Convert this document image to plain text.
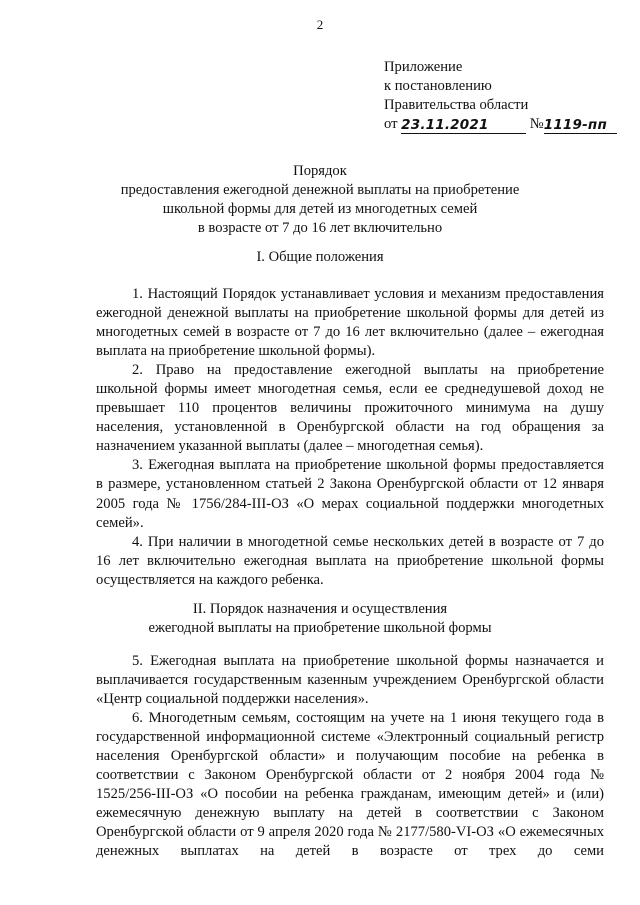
2
Приложение
к постановлению
Правительства области
от 23.11.2021	№1119-пп
Порядок
предоставления ежегодной денежной выплаты на приобретение
школьной формы для детей из многодетных семей
в возрасте от 7 до 16 лет включительно
I. Общие положения

1. Настоящий Порядок устанавливает условия и механизм предоставления ежегодной денежной выплаты на приобретение школьной формы для детей из многодетных семей в возрасте от 7 до 16 лет включительно (далее – ежегодная выплата на приобретение школьной формы).

2. Право на предоставление ежегодной выплаты на приобретение школьной формы имеет многодетная семья, если ее среднедушевой доход не превышает 110 процентов величины прожиточного минимума на душу населения, установленной в Оренбургской области на год обращения за назначением указанной выплаты (далее – многодетная семья).

3. Ежегодная выплата на приобретение школьной формы предоставляется в размере, установленном статьей 2 Закона Оренбургской области от 12 января 2005 года № 1756/284-III-ОЗ «О мерах социальной поддержки многодетных семей».

4. При наличии в многодетной семье нескольких детей в возрасте от 7 до 16 лет включительно ежегодная выплата на приобретение школьной формы осуществляется на каждого ребенка.

II. Порядок назначения и осуществления
ежегодной выплаты на приобретение школьной формы

5. Ежегодная выплата на приобретение школьной формы назначается и выплачивается государственным казенным учреждением Оренбургской области «Центр социальной поддержки населения».

6. Многодетным семьям, состоящим на учете на 1 июня текущего года в государственной информационной системе «Электронный социальный регистр населения Оренбургской области» и получающим пособие на ребенка в соответствии с Законом Оренбургской области от 2 ноября 2004 года № 1525/256-III-ОЗ «О пособии на ребенка гражданам, имеющим детей» и (или) ежемесячную денежную выплату на детей в соответствии с Законом Оренбургской области от 9 апреля 2020 года № 2177/580-VI-ОЗ «О ежемесячных денежных выплатах на детей в возрасте от трех до семи
